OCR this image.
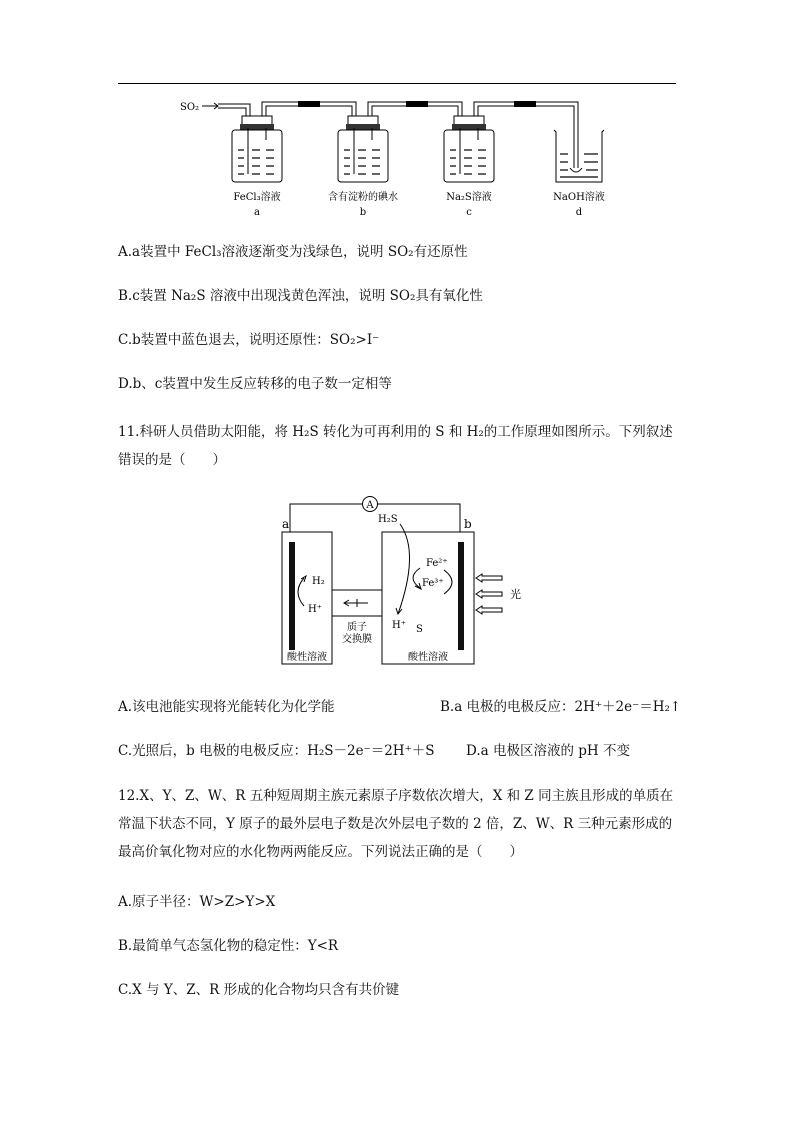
SO₂
FeCl₃溶液
a
含有淀粉的碘水
b
Na₂S溶液
c
NaOH溶液
d
A.a装置中 FeCl₃溶液逐渐变为浅绿色，说明 SO₂有还原性
B.c装置 Na₂S 溶液中出现浅黄色浑浊，说明 SO₂具有氧化性
C.b装置中蓝色退去，说明还原性：SO₂>I⁻
D.b、c装置中发生反应转移的电子数一定相等
11.科研人员借助太阳能，将 H₂S 转化为可再利用的 S 和 H₂的工作原理如图所示。下列叙述错误的是（　　）
A
a	b
H₂
H⁺
酸性溶液
质子
交换膜
H₂S
Fe²⁺
Fe³⁺
H⁺ S
酸性溶液
光
A.该电池能实现将光能转化为化学能	B.a 电极的电极反应：2H⁺＋2e⁻＝H₂↑
C.光照后，b 电极的电极反应：H₂S－2e⁻＝2H⁺＋S D.a 电极区溶液的 pH 不变
12.X、Y、Z、W、R 五种短周期主族元素原子序数依次增大，X 和 Z 同主族且形成的单质在常温下状态不同，Y 原子的最外层电子数是次外层电子数的 2 倍，Z、W、R 三种元素形成的最高价氧化物对应的水化物两两能反应。下列说法正确的是（　　）
A.原子半径：W>Z>Y>X
B.最简单气态氢化物的稳定性：Y<R
C.X 与 Y、Z、R 形成的化合物均只含有共价键
